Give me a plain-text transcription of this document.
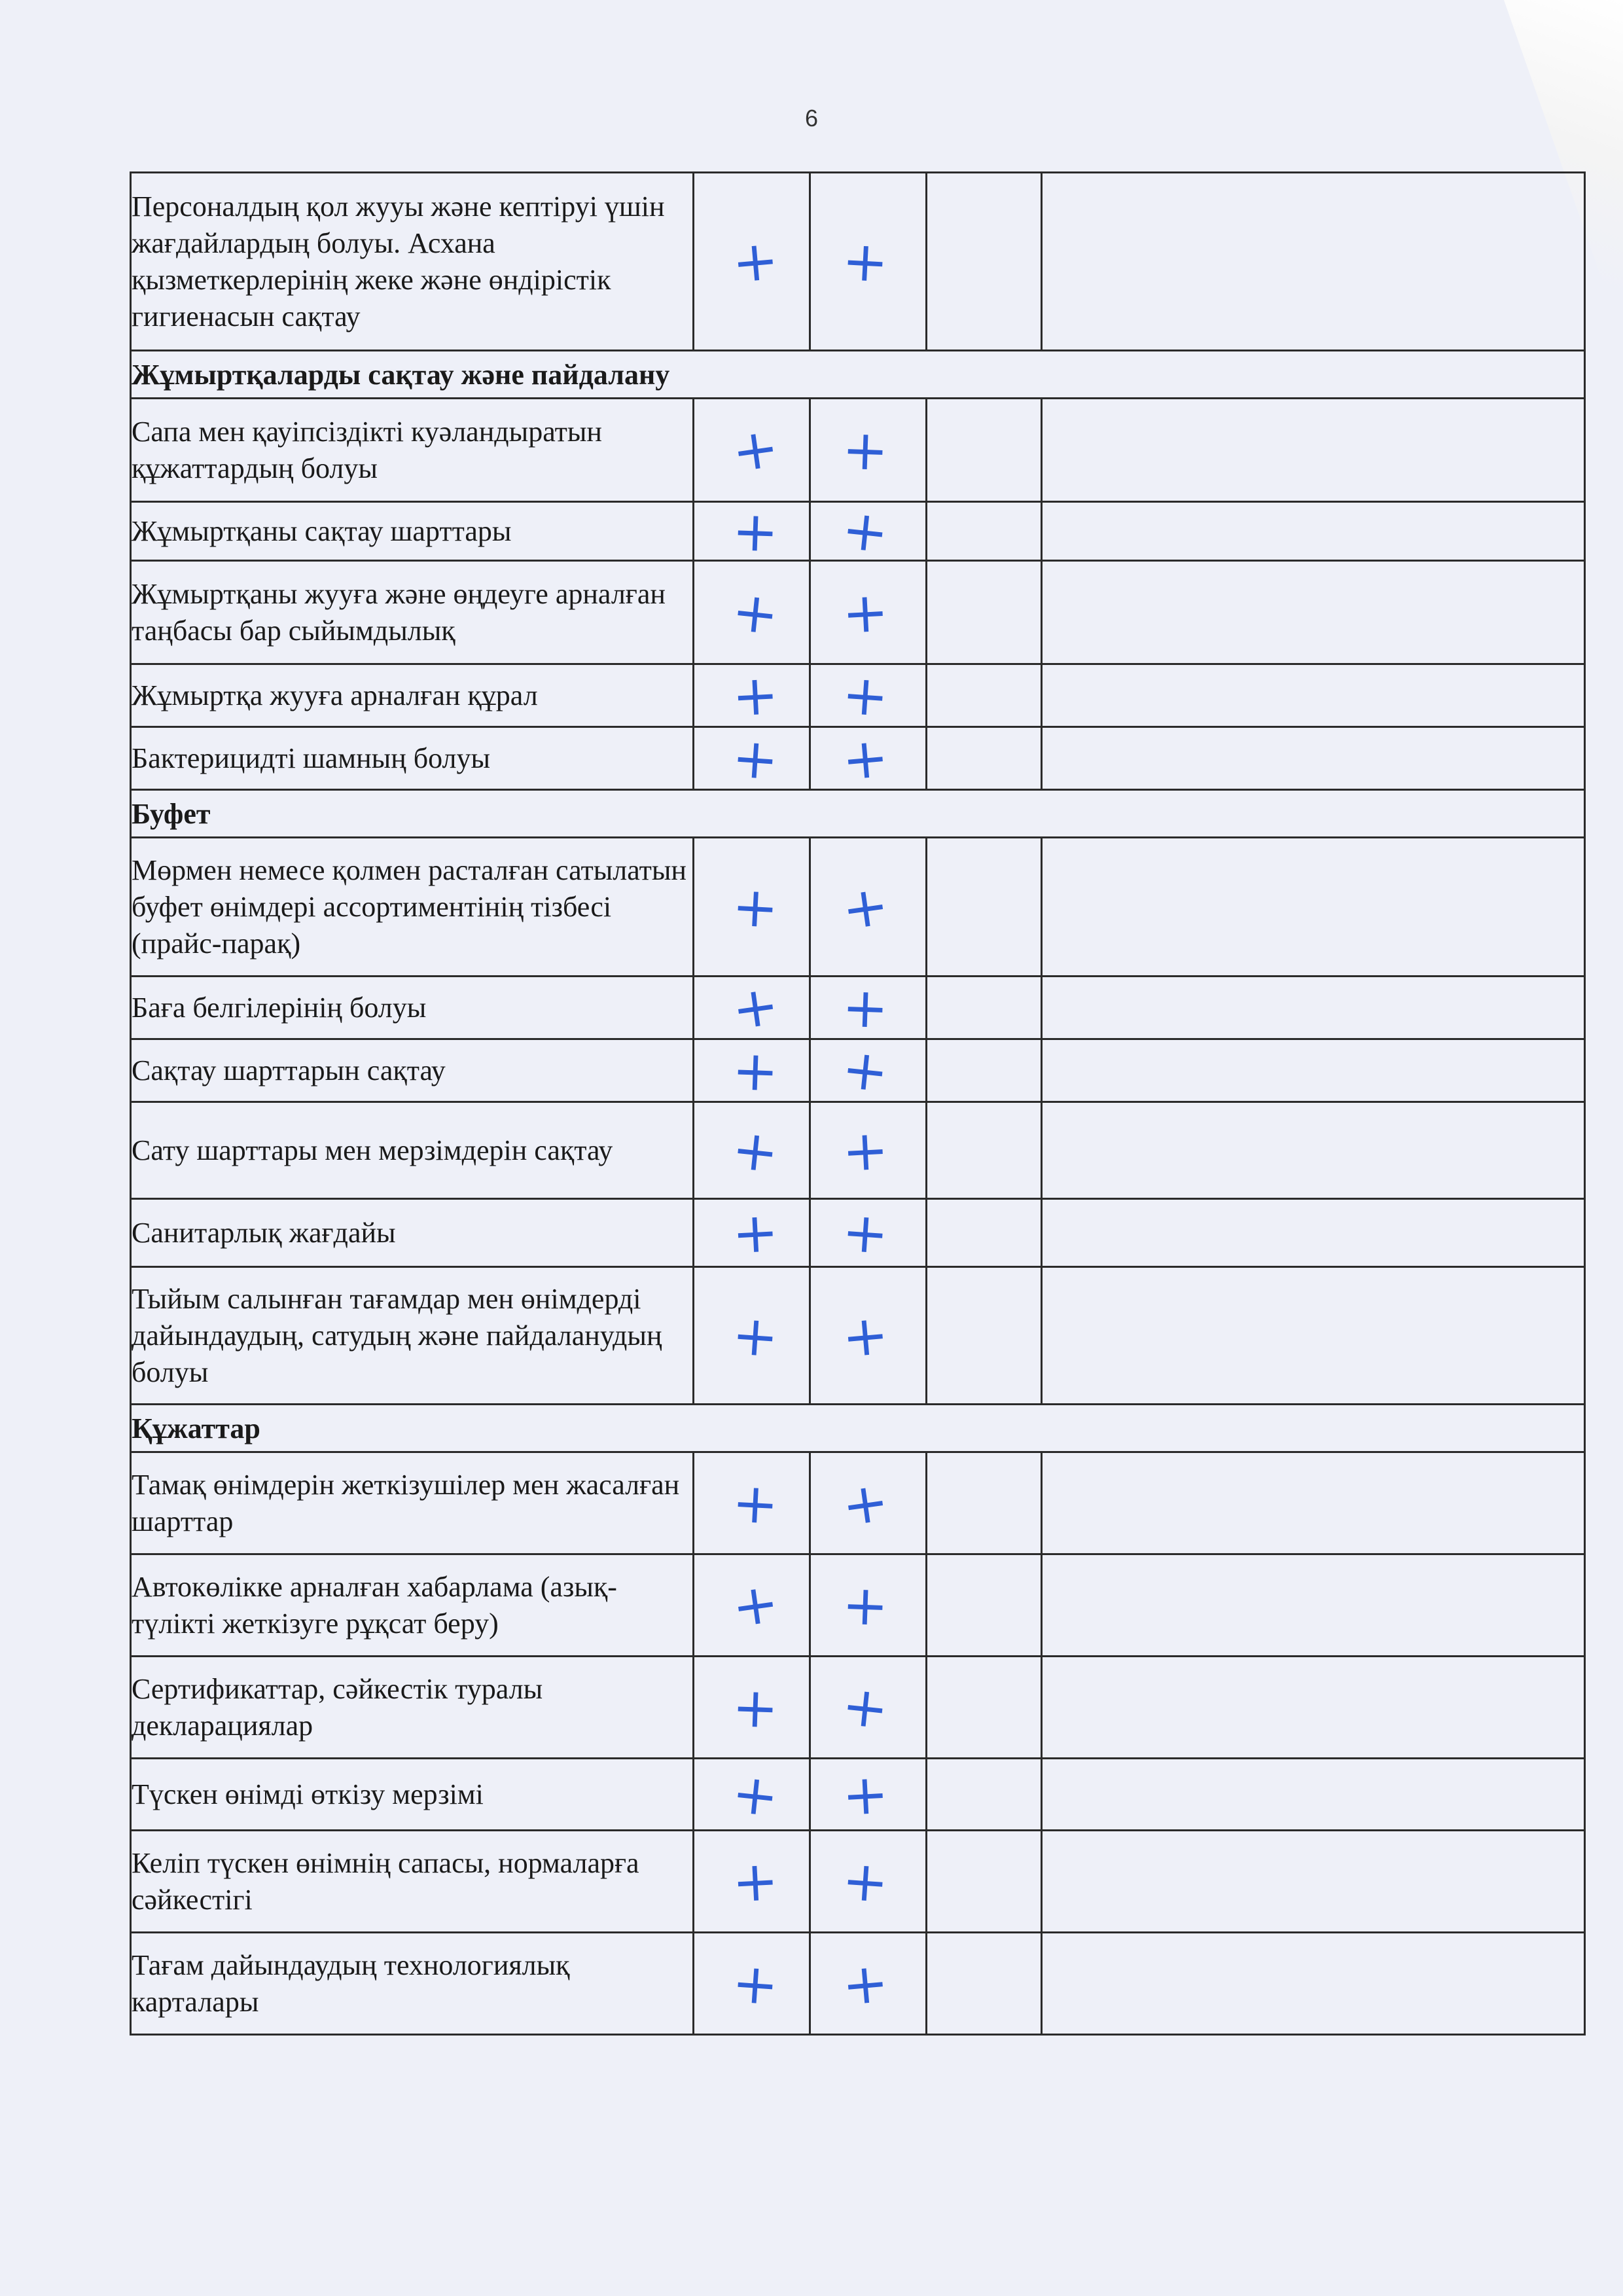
6
Персоналдың қол жууы және кептіруі үшін жағдайлардың болуы. Асхана қызметкерлерінің жеке және өндірістік гигиенасын сақтау	+	+		
Жұмыртқаларды сақтау және пайдалану				
Сапа мен қауіпсіздікті куәландыратын құжаттардың болуы	+	+		
Жұмыртқаны сақтау шарттары	+	+		
Жұмыртқаны жууға және өңдеуге арналған таңбасы бар сыйымдылық	+	+		
Жұмыртқа жууға арналған құрал	+	+		
Бактерицидті шамның болуы	+	+		
Буфет				
Мөрмен немесе қолмен расталған сатылатын буфет өнімдері ассортиментінің тізбесі (прайс-парақ)	+	+		
Баға белгілерінің болуы	+	+		
Сақтау шарттарын сақтау	+	+		
Сату шарттары мен мерзімдерін сақтау	+	+		
Санитарлық жағдайы	+	+		
Тыйым салынған тағамдар мен өнімдерді дайындаудың, сатудың және пайдаланудың болуы	+	+		
Құжаттар				
Тамақ өнімдерін жеткізушілер мен жасалған шарттар	+	+		
Автокөлікке арналған хабарлама (азық-түлікті жеткізуге рұқсат беру)	+	+		
Сертификаттар, сәйкестік туралы декларациялар	+	+		
Түскен өнімді өткізу мерзімі	+	+		
Келіп түскен өнімнің сапасы, нормаларға сәйкестігі	+	+		
Тағам дайындаудың технологиялық карталары	+	+		
